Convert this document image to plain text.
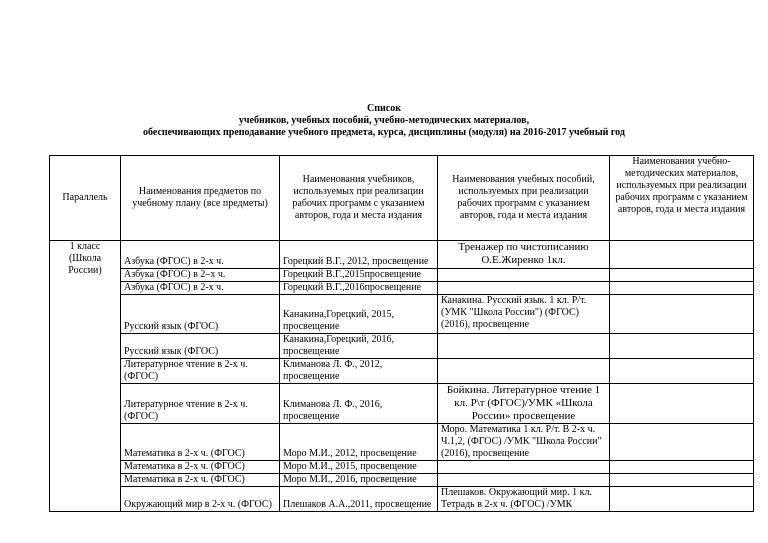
Список
учебников, учебных пособий, учебно-методических материалов,
обеспечивающих преподавание учебного предмета, курса, дисциплины (модуля) на 2016-2017 учебный год
Параллель	Наименования предметов по учебному плану (все предметы)	Наименования учебников, используемых при реализации рабочих программ с указанием авторов, года и места издания	Наименования учебных пособий, используемых при реализации рабочих программ с указанием авторов, года и места издания	Наименования учебно-методических материалов, используемых при реализации рабочих программ с указанием авторов, года и места издания
1 класс (Школа России)	Азбука (ФГОС) в 2-х ч.	Горецкий В.Г., 2012, просвещение	Тренажер по чистописанию О.Е.Жиренко 1кл.	
	Азбука (ФГОС) в 2–х ч.	Горецкий В.Г.,2015просвещение		
	Азбука (ФГОС) в 2-х ч.	Горецкий В.Г.,2016просвещение		
	Русский язык (ФГОС)	Канакина,Горецкий, 2015, просвещение	Канакина. Русский язык. 1 кл. Р/т. (УМК "Школа России") (ФГОС) (2016), просвещение	
	Русский язык (ФГОС)	Канакина,Горецкий, 2016, просвещение		
	Литературное чтение в 2-х ч. (ФГОС)	Климанова Л. Ф., 2012, просвещение		
	Литературное чтение в 2-х ч. (ФГОС)	Климанова Л. Ф., 2016, просвещение	Бойкина. Литературное чтение 1 кл. Р\т (ФГОС)/УМК «Школа России» просвещение	
	Математика в 2-х ч. (ФГОС)	Моро М.И., 2012, просвещение	Моро. Математика 1 кл. Р/т. В 2-х ч. Ч.1,2, (ФГОС) /УМК "Школа России" (2016), просвещение	
	Математика в 2-х ч. (ФГОС)	Моро М.И., 2015, просвещение		
	Математика в 2-х ч. (ФГОС)	Моро М.И., 2016, просвещение		
	Окружающий мир в 2-х ч. (ФГОС)	Плешаков А.А.,2011, просвещение	Плешаков. Окружающий мир. 1 кл. Тетрадь в 2-х ч. (ФГОС) /УМК	
